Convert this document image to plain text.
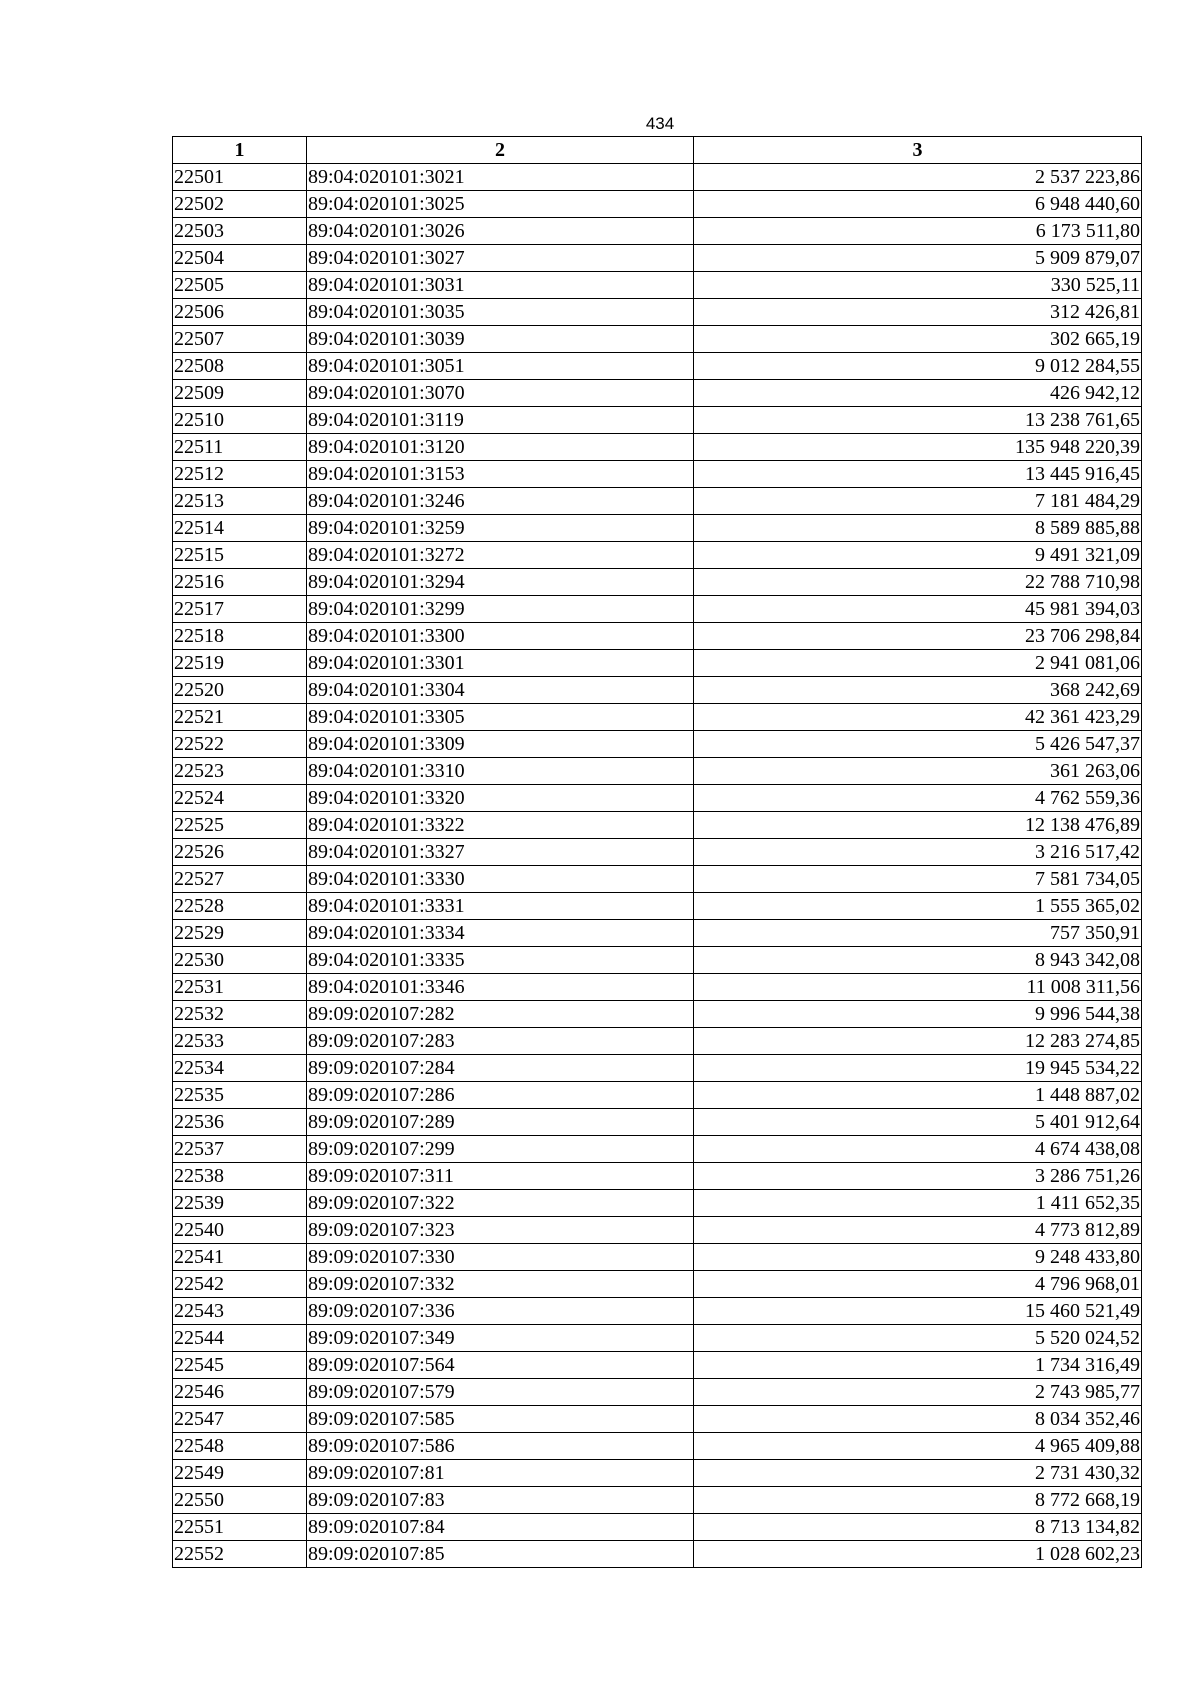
434
1	2	3
22501	89:04:020101:3021	2 537 223,86
22502	89:04:020101:3025	6 948 440,60
22503	89:04:020101:3026	6 173 511,80
22504	89:04:020101:3027	5 909 879,07
22505	89:04:020101:3031	330 525,11
22506	89:04:020101:3035	312 426,81
22507	89:04:020101:3039	302 665,19
22508	89:04:020101:3051	9 012 284,55
22509	89:04:020101:3070	426 942,12
22510	89:04:020101:3119	13 238 761,65
22511	89:04:020101:3120	135 948 220,39
22512	89:04:020101:3153	13 445 916,45
22513	89:04:020101:3246	7 181 484,29
22514	89:04:020101:3259	8 589 885,88
22515	89:04:020101:3272	9 491 321,09
22516	89:04:020101:3294	22 788 710,98
22517	89:04:020101:3299	45 981 394,03
22518	89:04:020101:3300	23 706 298,84
22519	89:04:020101:3301	2 941 081,06
22520	89:04:020101:3304	368 242,69
22521	89:04:020101:3305	42 361 423,29
22522	89:04:020101:3309	5 426 547,37
22523	89:04:020101:3310	361 263,06
22524	89:04:020101:3320	4 762 559,36
22525	89:04:020101:3322	12 138 476,89
22526	89:04:020101:3327	3 216 517,42
22527	89:04:020101:3330	7 581 734,05
22528	89:04:020101:3331	1 555 365,02
22529	89:04:020101:3334	757 350,91
22530	89:04:020101:3335	8 943 342,08
22531	89:04:020101:3346	11 008 311,56
22532	89:09:020107:282	9 996 544,38
22533	89:09:020107:283	12 283 274,85
22534	89:09:020107:284	19 945 534,22
22535	89:09:020107:286	1 448 887,02
22536	89:09:020107:289	5 401 912,64
22537	89:09:020107:299	4 674 438,08
22538	89:09:020107:311	3 286 751,26
22539	89:09:020107:322	1 411 652,35
22540	89:09:020107:323	4 773 812,89
22541	89:09:020107:330	9 248 433,80
22542	89:09:020107:332	4 796 968,01
22543	89:09:020107:336	15 460 521,49
22544	89:09:020107:349	5 520 024,52
22545	89:09:020107:564	1 734 316,49
22546	89:09:020107:579	2 743 985,77
22547	89:09:020107:585	8 034 352,46
22548	89:09:020107:586	4 965 409,88
22549	89:09:020107:81	2 731 430,32
22550	89:09:020107:83	8 772 668,19
22551	89:09:020107:84	8 713 134,82
22552	89:09:020107:85	1 028 602,23
